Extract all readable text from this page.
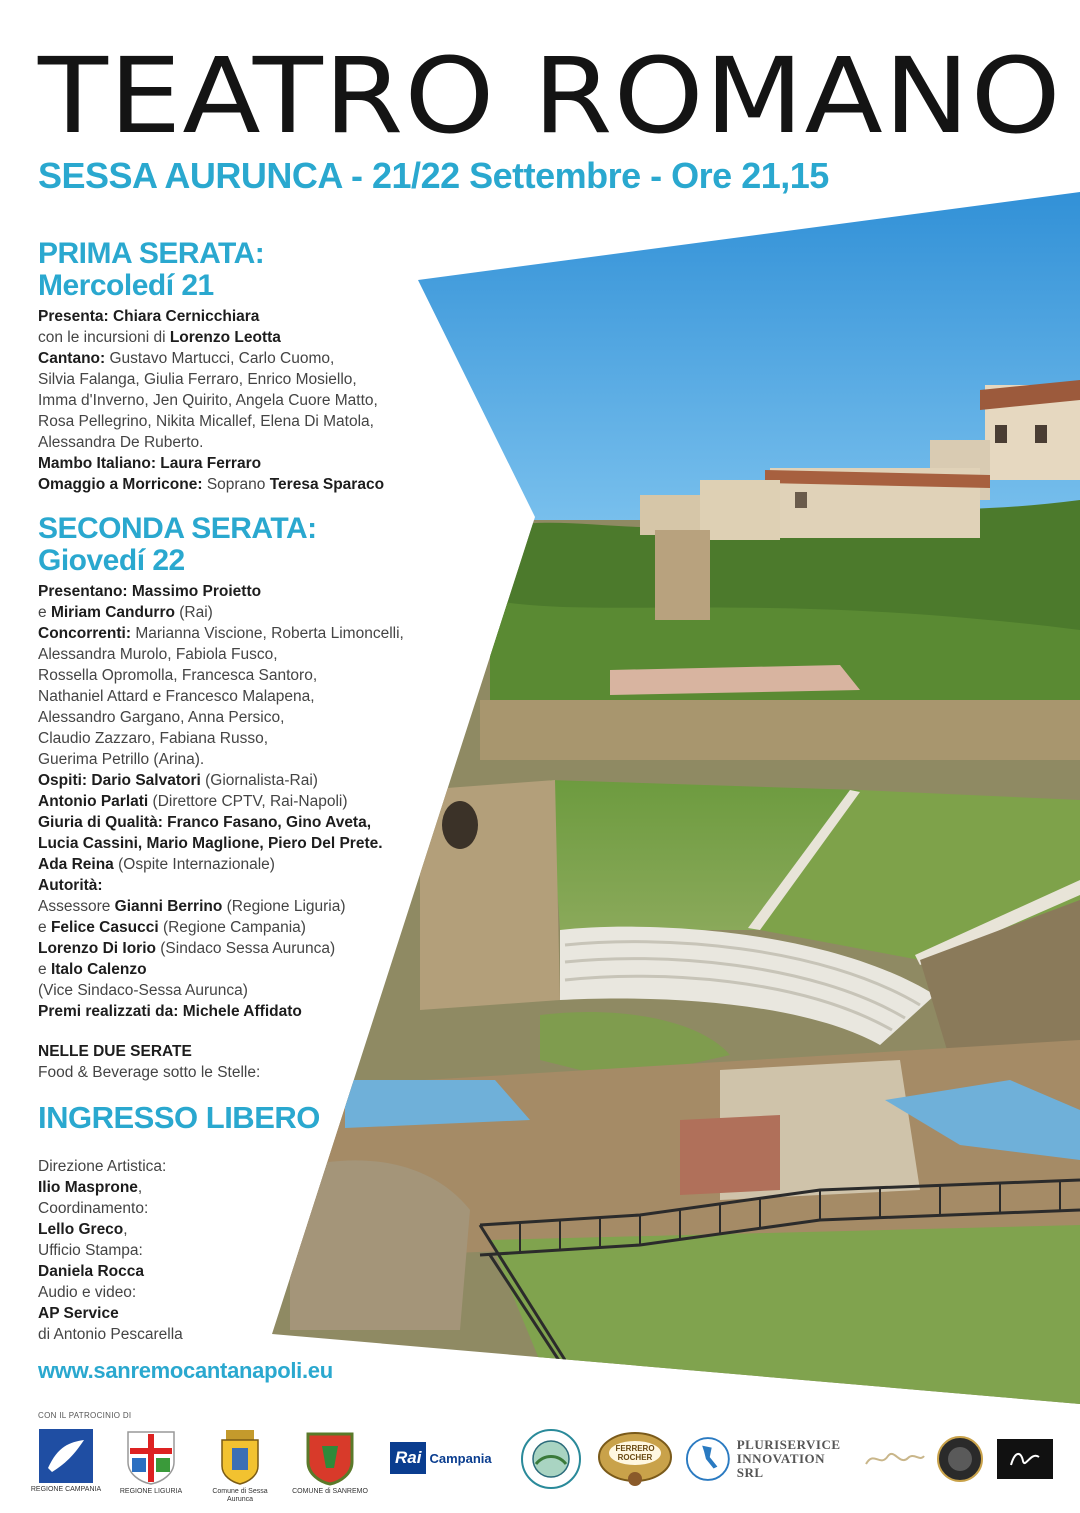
TEATRO ROMANO
SESSA AURUNCA - 21/22 Settembre - Ore 21,15
PRIMA SERATA:
Mercoledí 21
Presenta: Chiara Cernicchiara
con le incursioni di Lorenzo Leotta
Cantano: Gustavo Martucci, Carlo Cuomo,
Silvia Falanga, Giulia Ferraro, Enrico Mosiello,
Imma d'Inverno, Jen Quirito, Angela Cuore Matto,
Rosa Pellegrino, Nikita Micallef, Elena Di Matola,
Alessandra De Ruberto.
Mambo Italiano: Laura Ferraro
Omaggio a Morricone: Soprano Teresa Sparaco
SECONDA SERATA:
Giovedí 22
Presentano: Massimo Proietto
e Miriam Candurro (Rai)
Concorrenti: Marianna Viscione, Roberta Limoncelli,
Alessandra Murolo, Fabiola Fusco,
Rossella Opromolla, Francesca Santoro,
Nathaniel Attard e Francesco Malapena,
Alessandro Gargano, Anna Persico,
Claudio Zazzaro, Fabiana Russo,
Guerima Petrillo (Arina).
Ospiti: Dario Salvatori (Giornalista-Rai)
Antonio Parlati (Direttore CPTV, Rai-Napoli)
Giuria di Qualità: Franco Fasano, Gino Aveta,
Lucia Cassini, Mario Maglione, Piero Del Prete.
Ada Reina (Ospite Internazionale)
Autorità:
Assessore Gianni Berrino (Regione Liguria)
e Felice Casucci (Regione Campania)
Lorenzo Di Iorio (Sindaco Sessa Aurunca)
e Italo Calenzo
(Vice Sindaco-Sessa Aurunca)
Premi realizzati da: Michele Affidato
NELLE DUE SERATE
Food & Beverage sotto le Stelle:
INGRESSO LIBERO
Direzione Artistica:
Ilio Masprone,
Coordinamento:
Lello Greco,
Ufficio Stampa:
Daniela Rocca
Audio e video:
AP Service
di Antonio Pescarella
www.sanremocantanapoli.eu
CON IL PATROCINIO DI
REGIONE CAMPANIA	REGIONE LIGURIA	Comune di Sessa Aurunca
COMUNE di SANREMO
Rai Campania
FERRERO ROCHER
PLURISERVICE
INNOVATION SRL
